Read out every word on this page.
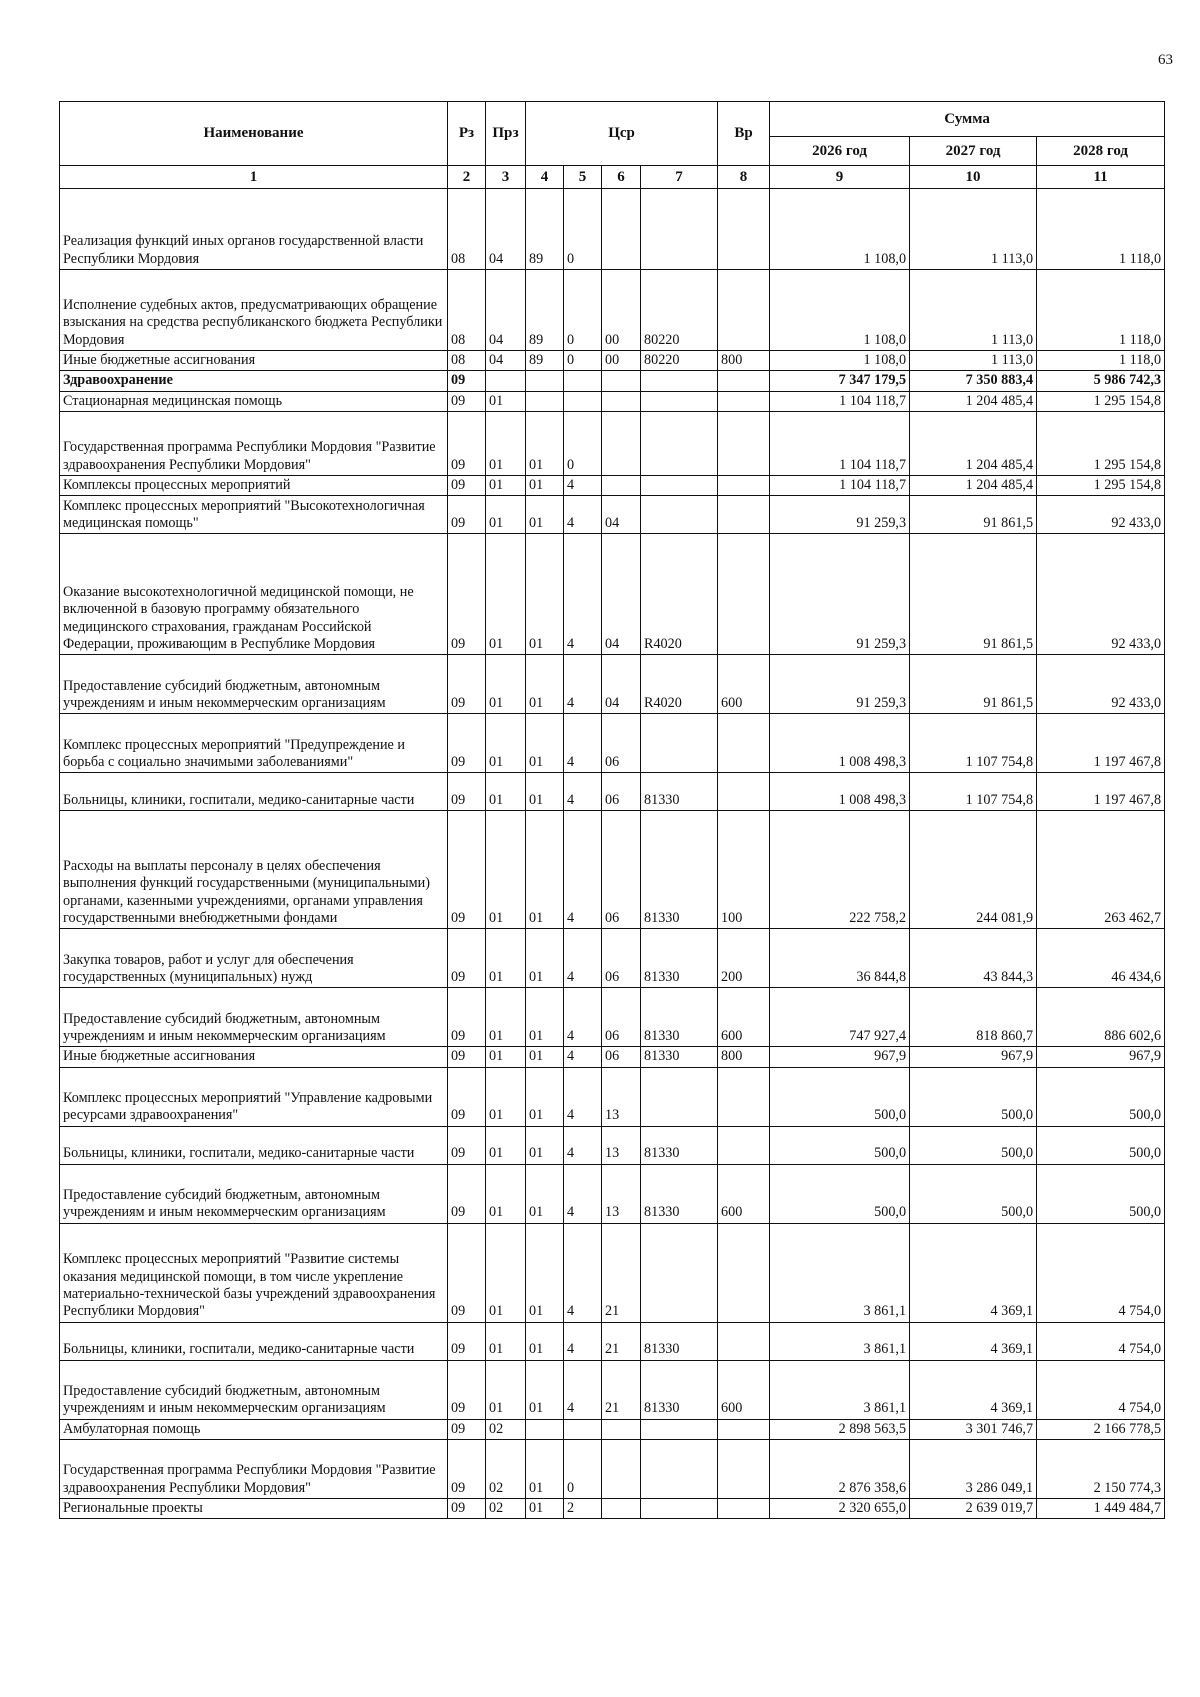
63
Наименование	Рз	Прз	Цср				Вр	Сумма		
								2026 год	2027 год	2028 год
1	2	3	4	5	6	7	8	9	10	11
Реализация функций иных органов государственной власти Республики Мордовия	08	04	89	0				1 108,0	1 113,0	1 118,0
Исполнение судебных актов, предусматривающих обращение взыскания на средства республиканского бюджета Республики Мордовия	08	04	89	0	00	80220		1 108,0	1 113,0	1 118,0
Иные бюджетные ассигнования	08	04	89	0	00	80220	800	1 108,0	1 113,0	1 118,0
Здравоохранение	09							7 347 179,5	7 350 883,4	5 986 742,3
Стационарная медицинская помощь	09	01						1 104 118,7	1 204 485,4	1 295 154,8
Государственная программа Республики Мордовия "Развитие здравоохранения Республики Мордовия"	09	01	01	0				1 104 118,7	1 204 485,4	1 295 154,8
Комплексы процессных мероприятий	09	01	01	4				1 104 118,7	1 204 485,4	1 295 154,8
Комплекс процессных мероприятий "Высокотехнологичная медицинская помощь"	09	01	01	4	04			91 259,3	91 861,5	92 433,0
Оказание высокотехнологичной медицинской помощи, не включенной в базовую программу обязательного медицинского страхования, гражданам Российской Федерации, проживающим в Республике Мордовия	09	01	01	4	04	R4020		91 259,3	91 861,5	92 433,0
Предоставление субсидий бюджетным, автономным учреждениям и иным некоммерческим организациям	09	01	01	4	04	R4020	600	91 259,3	91 861,5	92 433,0
Комплекс процессных мероприятий "Предупреждение и борьба с социально значимыми заболеваниями"	09	01	01	4	06			1 008 498,3	1 107 754,8	1 197 467,8
Больницы, клиники, госпитали, медико-санитарные части	09	01	01	4	06	81330		1 008 498,3	1 107 754,8	1 197 467,8
Расходы на выплаты персоналу в целях обеспечения выполнения функций государственными (муниципальными) органами, казенными учреждениями, органами управления государственными внебюджетными фондами	09	01	01	4	06	81330	100	222 758,2	244 081,9	263 462,7
Закупка товаров, работ и услуг для обеспечения государственных (муниципальных) нужд	09	01	01	4	06	81330	200	36 844,8	43 844,3	46 434,6
Предоставление субсидий бюджетным, автономным учреждениям и иным некоммерческим организациям	09	01	01	4	06	81330	600	747 927,4	818 860,7	886 602,6
Иные бюджетные ассигнования	09	01	01	4	06	81330	800	967,9	967,9	967,9
Комплекс процессных мероприятий "Управление кадровыми ресурсами здравоохранения"	09	01	01	4	13			500,0	500,0	500,0
Больницы, клиники, госпитали, медико-санитарные части	09	01	01	4	13	81330		500,0	500,0	500,0
Предоставление субсидий бюджетным, автономным учреждениям и иным некоммерческим организациям	09	01	01	4	13	81330	600	500,0	500,0	500,0
Комплекс процессных мероприятий "Развитие системы оказания медицинской помощи, в том числе укрепление материально-технической базы учреждений здравоохранения Республики Мордовия"	09	01	01	4	21			3 861,1	4 369,1	4 754,0
Больницы, клиники, госпитали, медико-санитарные части	09	01	01	4	21	81330		3 861,1	4 369,1	4 754,0
Предоставление субсидий бюджетным, автономным учреждениям и иным некоммерческим организациям	09	01	01	4	21	81330	600	3 861,1	4 369,1	4 754,0
Амбулаторная помощь	09	02						2 898 563,5	3 301 746,7	2 166 778,5
Государственная программа Республики Мордовия "Развитие здравоохранения Республики Мордовия"	09	02	01	0				2 876 358,6	3 286 049,1	2 150 774,3
Региональные проекты	09	02	01	2				2 320 655,0	2 639 019,7	1 449 484,7
